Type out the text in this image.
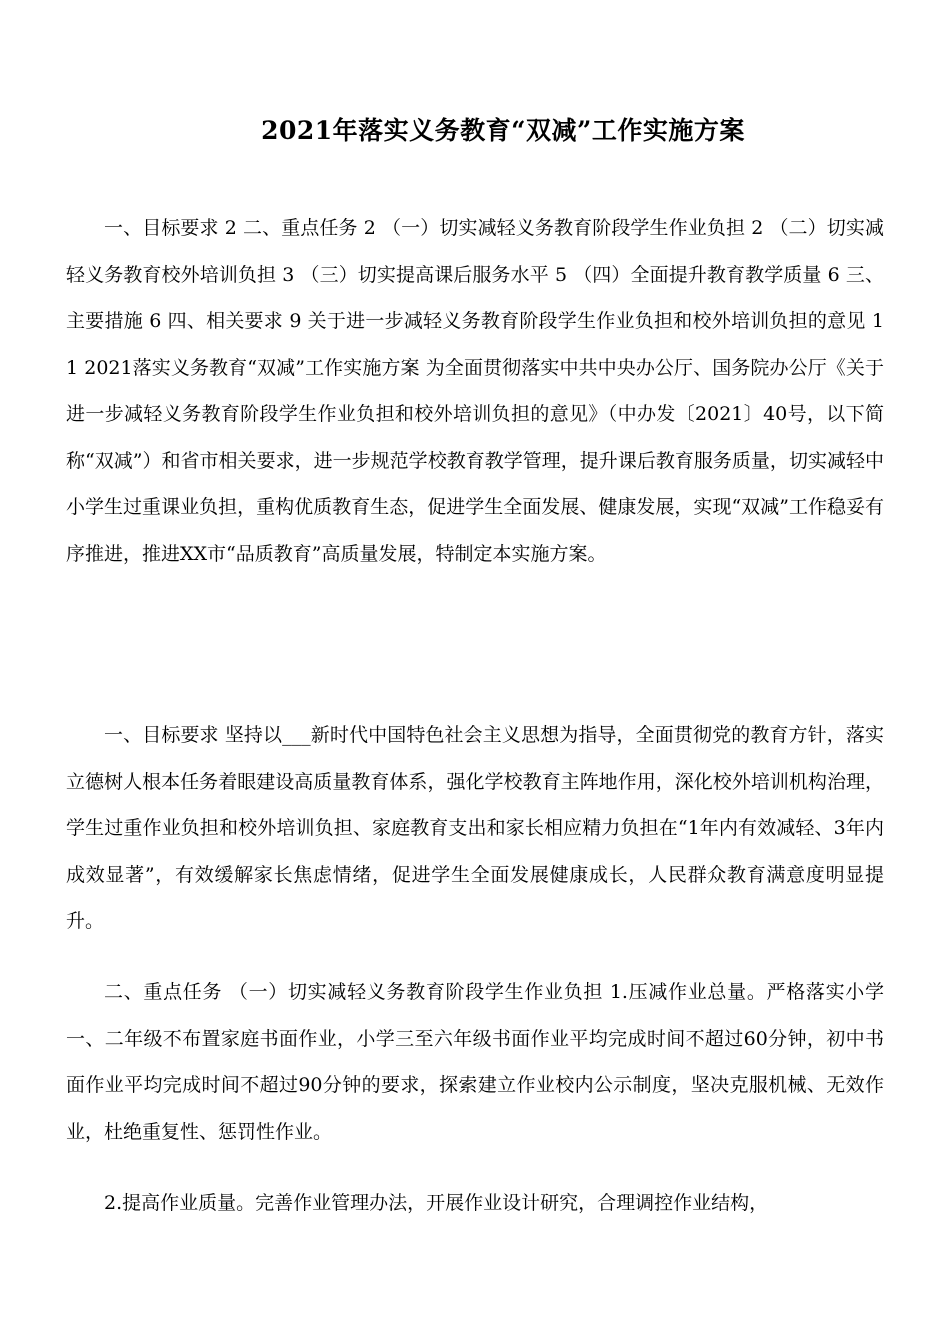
2021年落实义务教育“双减”工作实施方案

一、目标要求 2 二、重点任务 2 （一）切实减轻义务教育阶段学生作业负担 2 （二）切实减轻义务教育校外培训负担 3 （三）切实提高课后服务水平 5 （四）全面提升教育教学质量 6 三、主要措施 6 四、相关要求 9 关于进一步减轻义务教育阶段学生作业负担和校外培训负担的意见 11 2021落实义务教育“双减”工作实施方案 为全面贯彻落实中共中央办公厅、国务院办公厅《关于进一步减轻义务教育阶段学生作业负担和校外培训负担的意见》（中办发〔2021〕40号，以下简称“双减”）和省市相关要求，进一步规范学校教育教学管理，提升课后教育服务质量，切实减轻中小学生过重课业负担，重构优质教育生态，促进学生全面发展、健康发展，实现“双减”工作稳妥有序推进，推进XX市“品质教育”高质量发展，特制定本实施方案。

一、目标要求 坚持以___新时代中国特色社会主义思想为指导，全面贯彻党的教育方针，落实立德树人根本任务着眼建设高质量教育体系，强化学校教育主阵地作用，深化校外培训机构治理，学生过重作业负担和校外培训负担、家庭教育支出和家长相应精力负担在“1年内有效减轻、3年内成效显著”，有效缓解家长焦虑情绪，促进学生全面发展健康成长，人民群众教育满意度明显提升。

二、重点任务 （一）切实减轻义务教育阶段学生作业负担 1.压减作业总量。严格落实小学一、二年级不布置家庭书面作业，小学三至六年级书面作业平均完成时间不超过60分钟，初中书面作业平均完成时间不超过90分钟的要求，探索建立作业校内公示制度，坚决克服机械、无效作业，杜绝重复性、惩罚性作业。

2.提高作业质量。完善作业管理办法，开展作业设计研究，合理调控作业结构，
